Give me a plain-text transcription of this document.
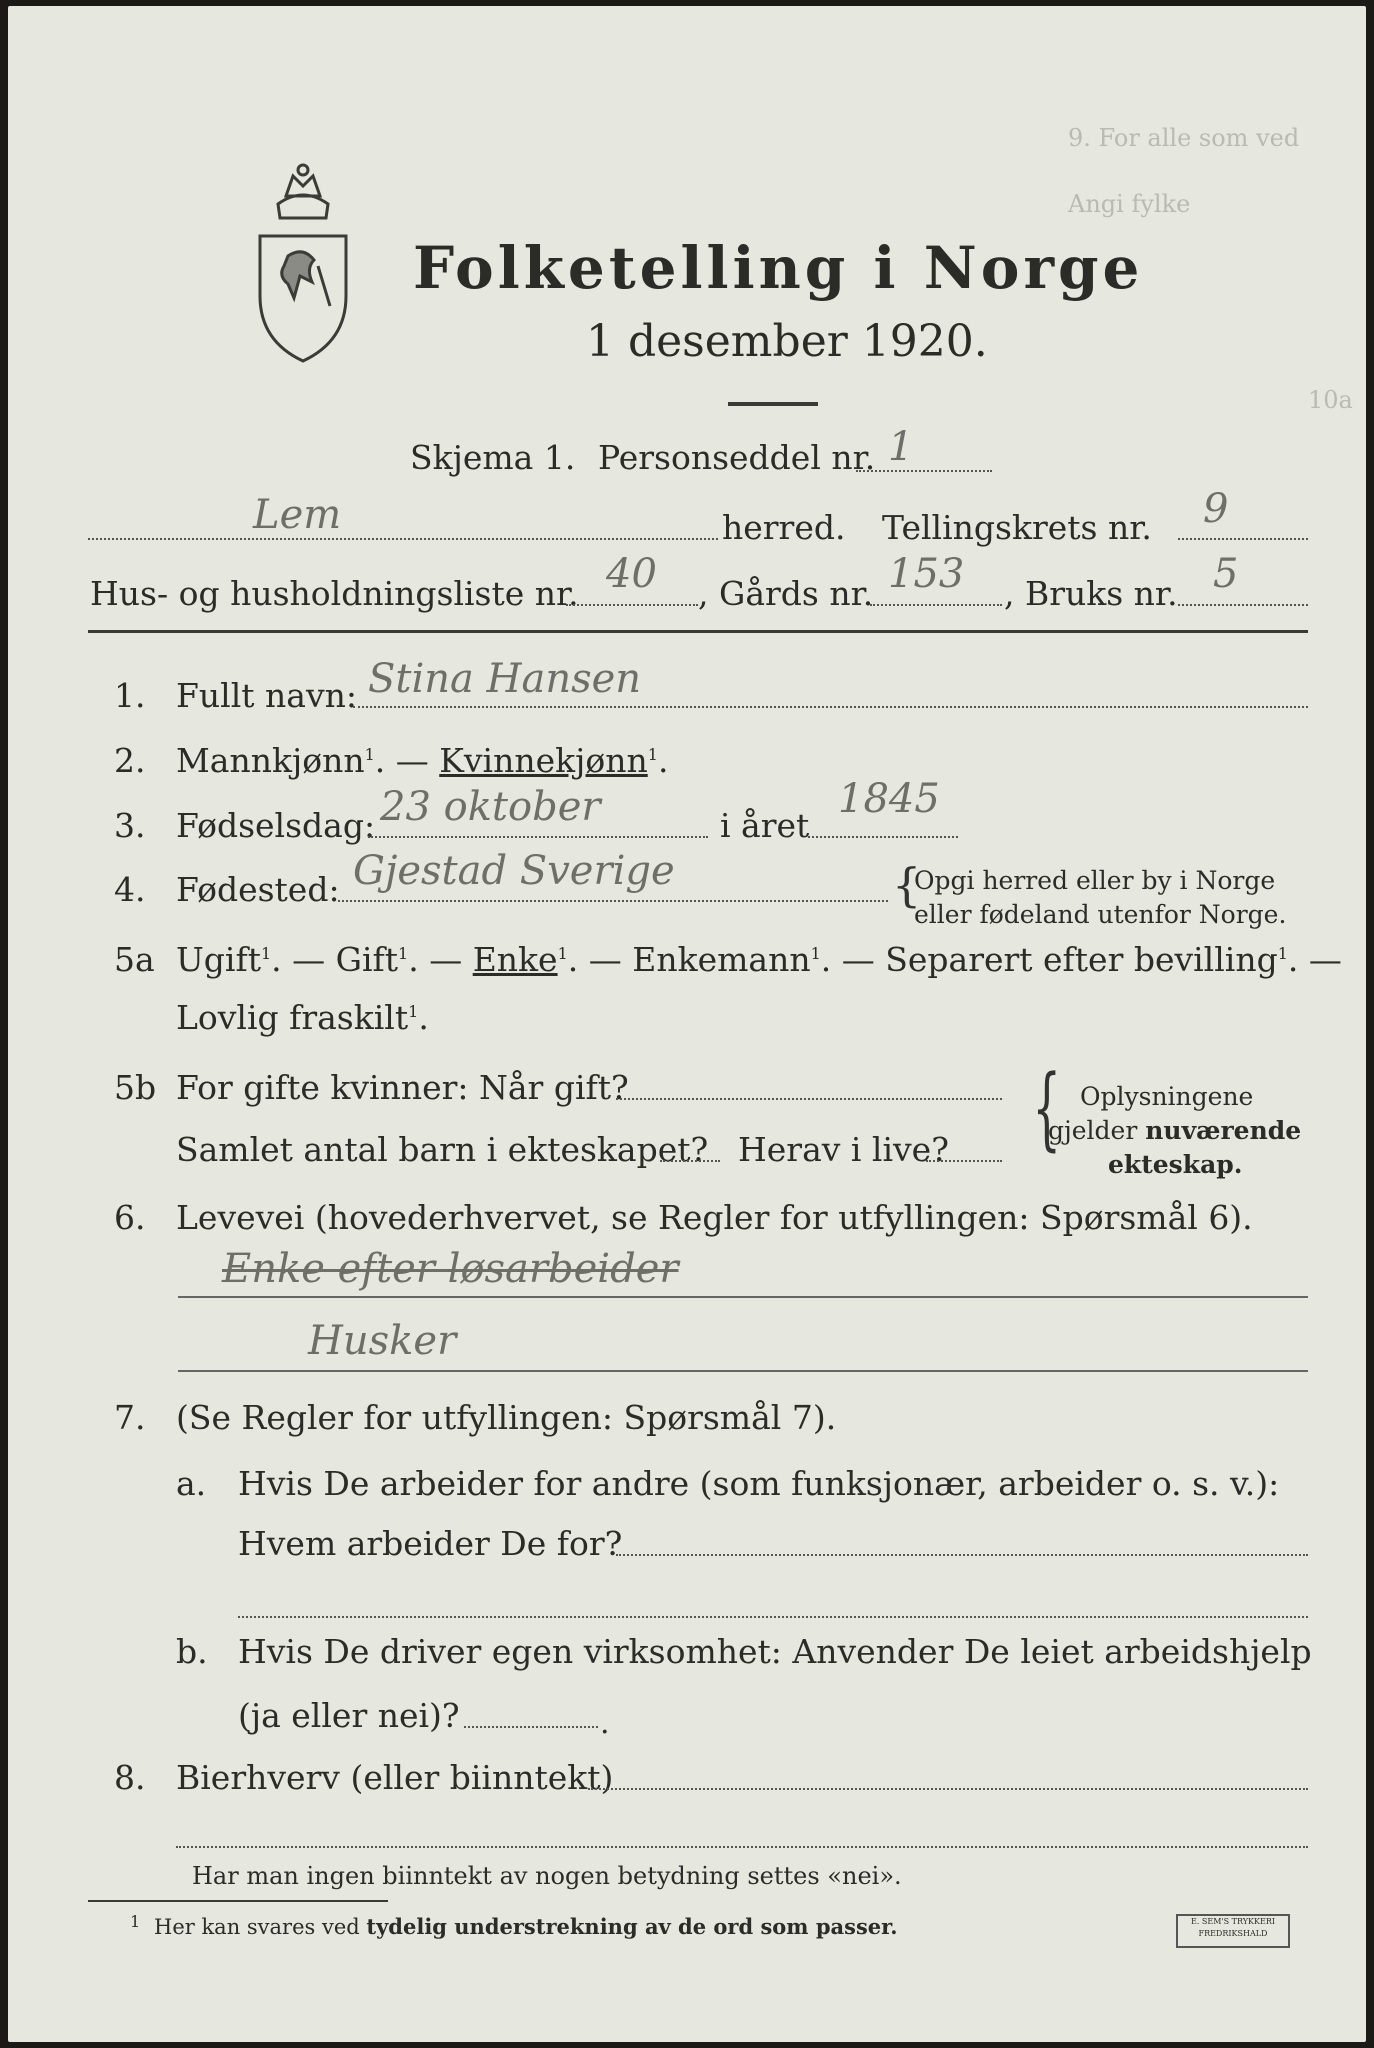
9. For alle som ved
Angi fylke
10a
Folketelling i Norge
1 desember 1920.
Skjema 1. Personseddel nr. 1
Lem	herred. Tellingskrets nr. 9
Hus- og husholdningsliste nr. 40 , Gårds nr. 153 , Bruks nr. 5
1. Fullt navn: Stina Hansen
2. Mannkjønn$^1$. — Kvinnekjønn$^1$.
3. Fødselsdag: 23 oktober	i året
1845
4. Fødested: Gjestad Sverige	{
Opgi herred eller by i Norge
eller fødeland utenfor Norge.
5a Ugift$^1$. — Gift$^1$. — Enke$^1$. — Enkemann$^1$. — Separert efter bevilling$^1$. —
Lovlig fraskilt$^1$.
5b For gifte kvinner: Når gift?
Samlet antal barn i ekteskapet? Herav i live? { Oplysningene
gjelder nuværende
ekteskap.
6. Levevei (hovederhvervet, se Regler for utfyllingen: Spørsmål 6).
Enke efter løsarbeider
Husker
7. (Se Regler for utfyllingen: Spørsmål 7).
a. Hvis De arbeider for andre (som funksjonær, arbeider o. s. v.):
Hvem arbeider De for?
b. Hvis De driver egen virksomhet: Anvender De leiet arbeidshjelp
(ja eller nei)?	.
8. Bierhverv (eller biinntekt)
Har man ingen biinntekt av nogen betydning settes «nei».
1 Her kan svares ved tydelig understrekning av de ord som passer.	E. SEM'S TRYKKERI
FREDRIKSHALD
